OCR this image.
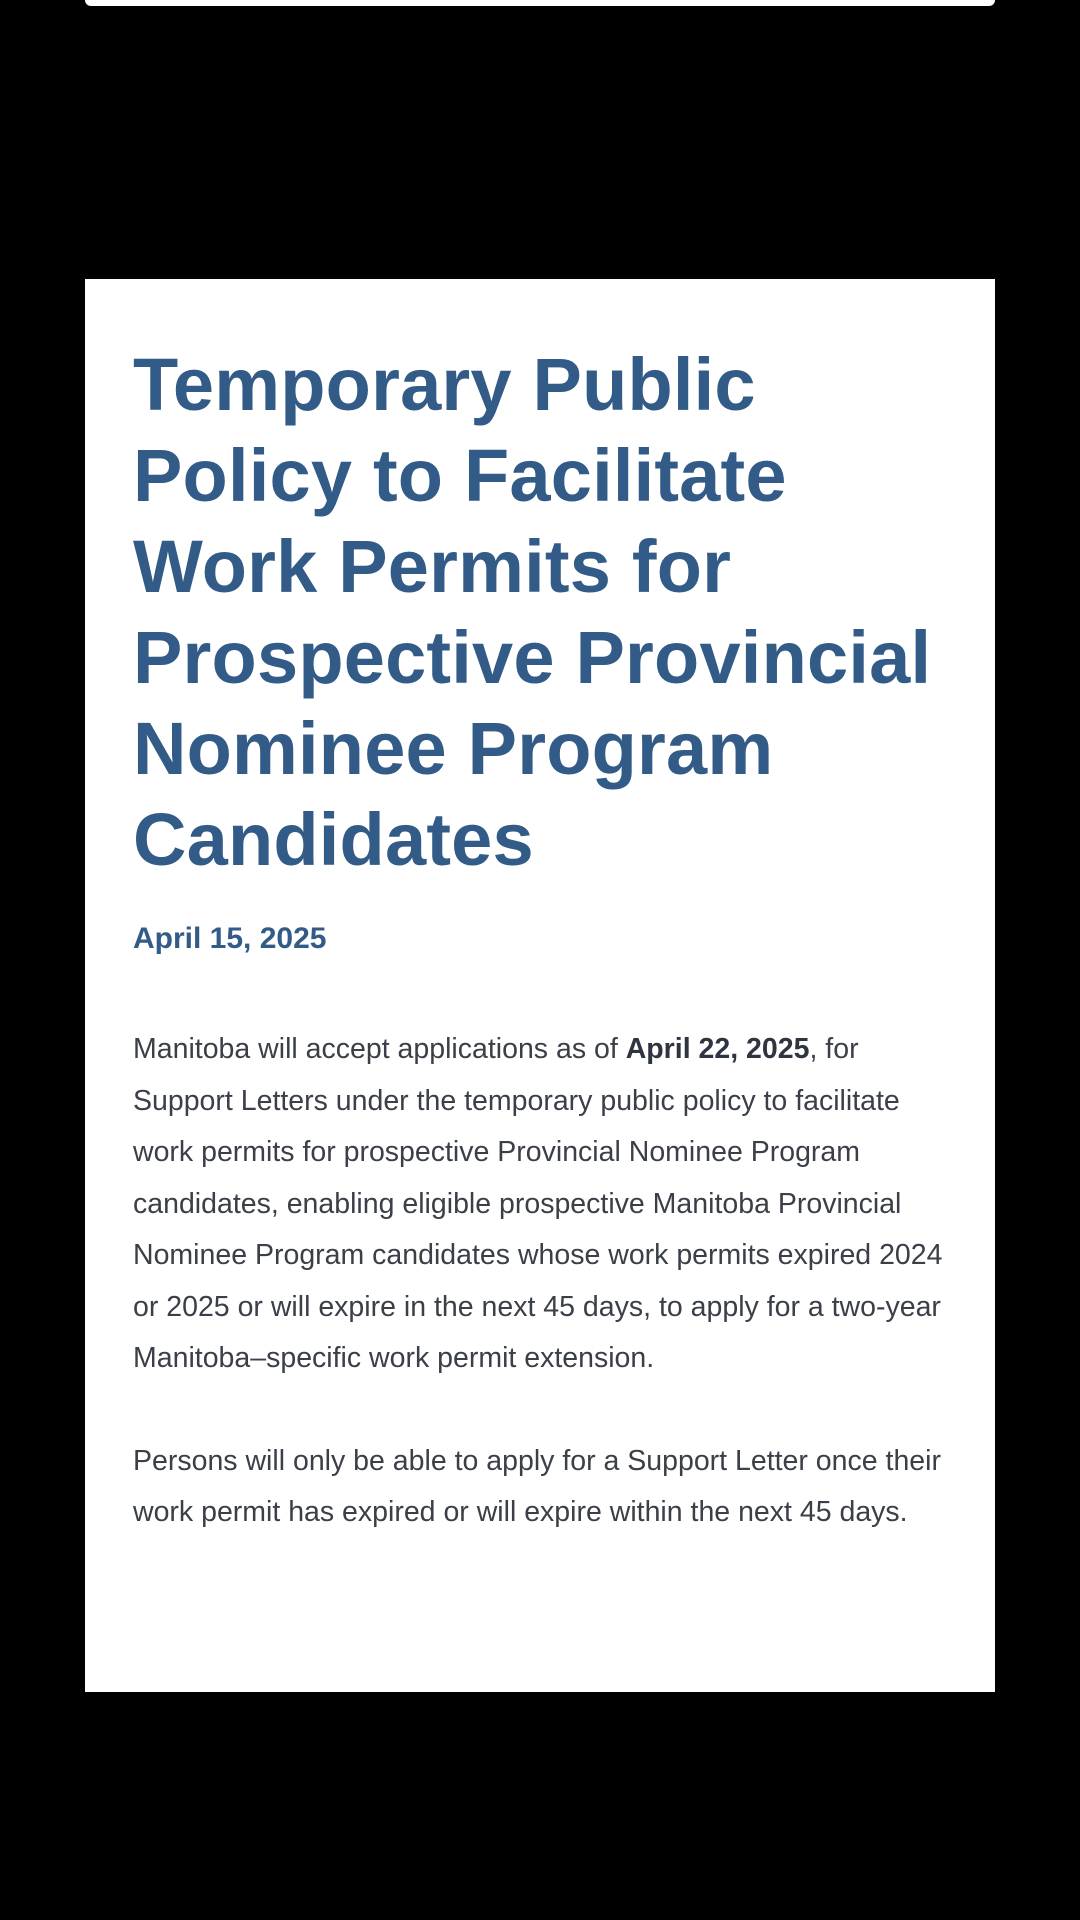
Temporary Public Policy to Facilitate Work Permits for Prospective Provincial Nominee Program Candidates

April 15, 2025

Manitoba will accept applications as of April 22, 2025, for Support Letters under the temporary public policy to facilitate work permits for prospective Provincial Nominee Program candidates, enabling eligible prospective Manitoba Provincial Nominee Program candidates whose work permits expired 2024 or 2025 or will expire in the next 45 days, to apply for a two-year Manitoba–specific work permit extension.

Persons will only be able to apply for a Support Letter once their work permit has expired or will expire within the next 45 days.
